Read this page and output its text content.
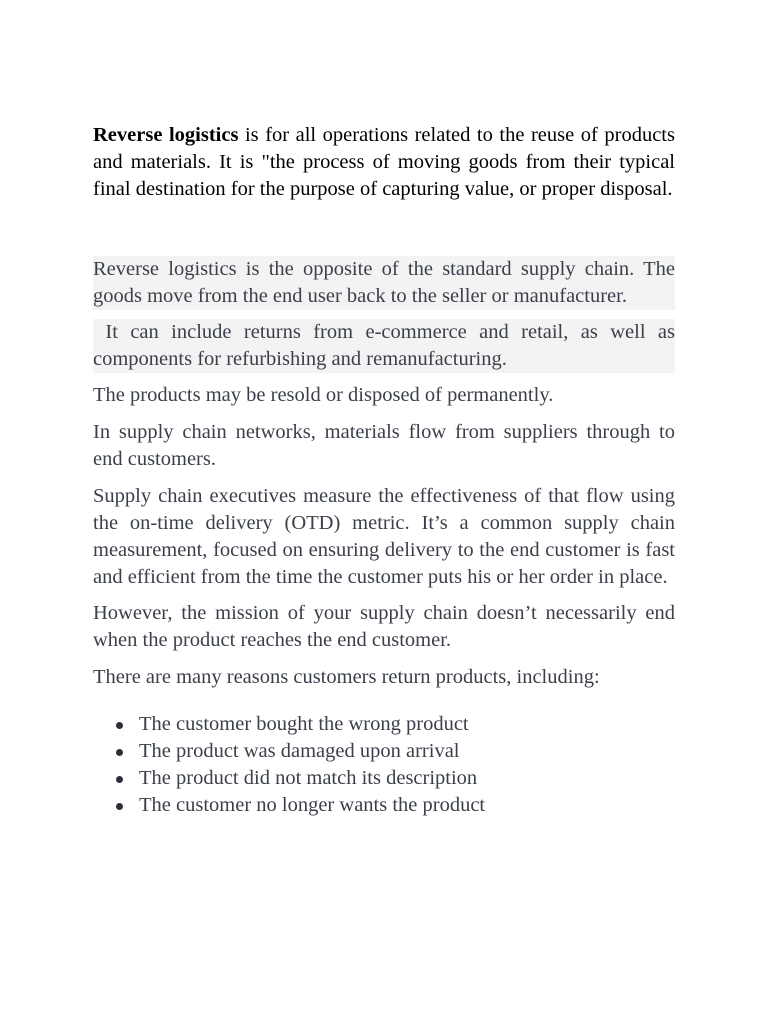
Reverse logistics is for all operations related to the reuse of products and materials. It is "the process of moving goods from their typical final destination for the purpose of capturing value, or proper disposal.

Reverse logistics is the opposite of the standard supply chain. The goods move from the end user back to the seller or manufacturer.

It can include returns from e-commerce and retail, as well as components for refurbishing and remanufacturing.

The products may be resold or disposed of permanently.

In supply chain networks, materials flow from suppliers through to end customers.

Supply chain executives measure the effectiveness of that flow using the on-time delivery (OTD) metric. It’s a common supply chain measurement, focused on ensuring delivery to the end customer is fast and efficient from the time the customer puts his or her order in place.

However, the mission of your supply chain doesn’t necessarily end when the product reaches the end customer.

There are many reasons customers return products, including:

The customer bought the wrong product
The product was damaged upon arrival
The product did not match its description
The customer no longer wants the product
